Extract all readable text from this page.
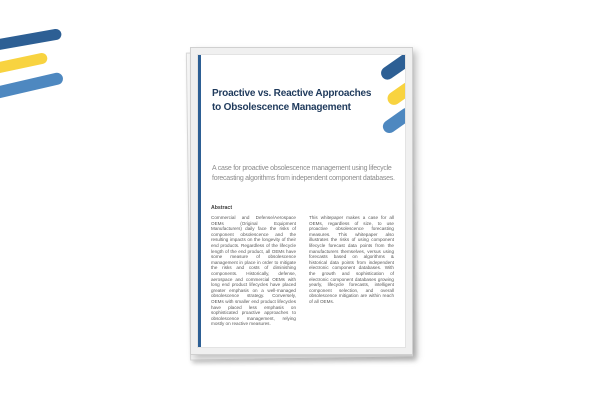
Proactive vs. Reactive Approaches
to Obsolescence Management
A case for proactive obsolescence management using lifecycle
forecasting algorithms from independent component databases.
Abstract
Commercial and Defense/Aerospace OEMs (Original Equipment Manufacturers) daily face the risks of component obsolescence and the resulting impacts on the longevity of their end products. Regardless of the lifecycle length of the end product, all OEMs have some measure of obsolescence management in place in order to mitigate the risks and costs of diminishing components. Historically, defense, aerospace and commercial OEMs with long end product lifecycles have placed greater emphasis on a well-managed obsolescence strategy. Conversely, OEMs with smaller end product lifecycles have placed less emphasis on sophisticated proactive approaches to obsolescence management, relying mostly on reactive measures.
This whitepaper makes a case for all OEMs, regardless of size, to use proactive obsolescence forecasting measures. This whitepaper also illustrates the risks of using component lifecycle forecast data points from the manufacturers themselves, versus using forecasts based on algorithms & historical data points from independent electronic component databases. With the growth and sophistication of electronic component databases growing yearly, lifecycle forecasts, intelligent component selection, and overall obsolescence mitigation are within reach of all OEMs.
